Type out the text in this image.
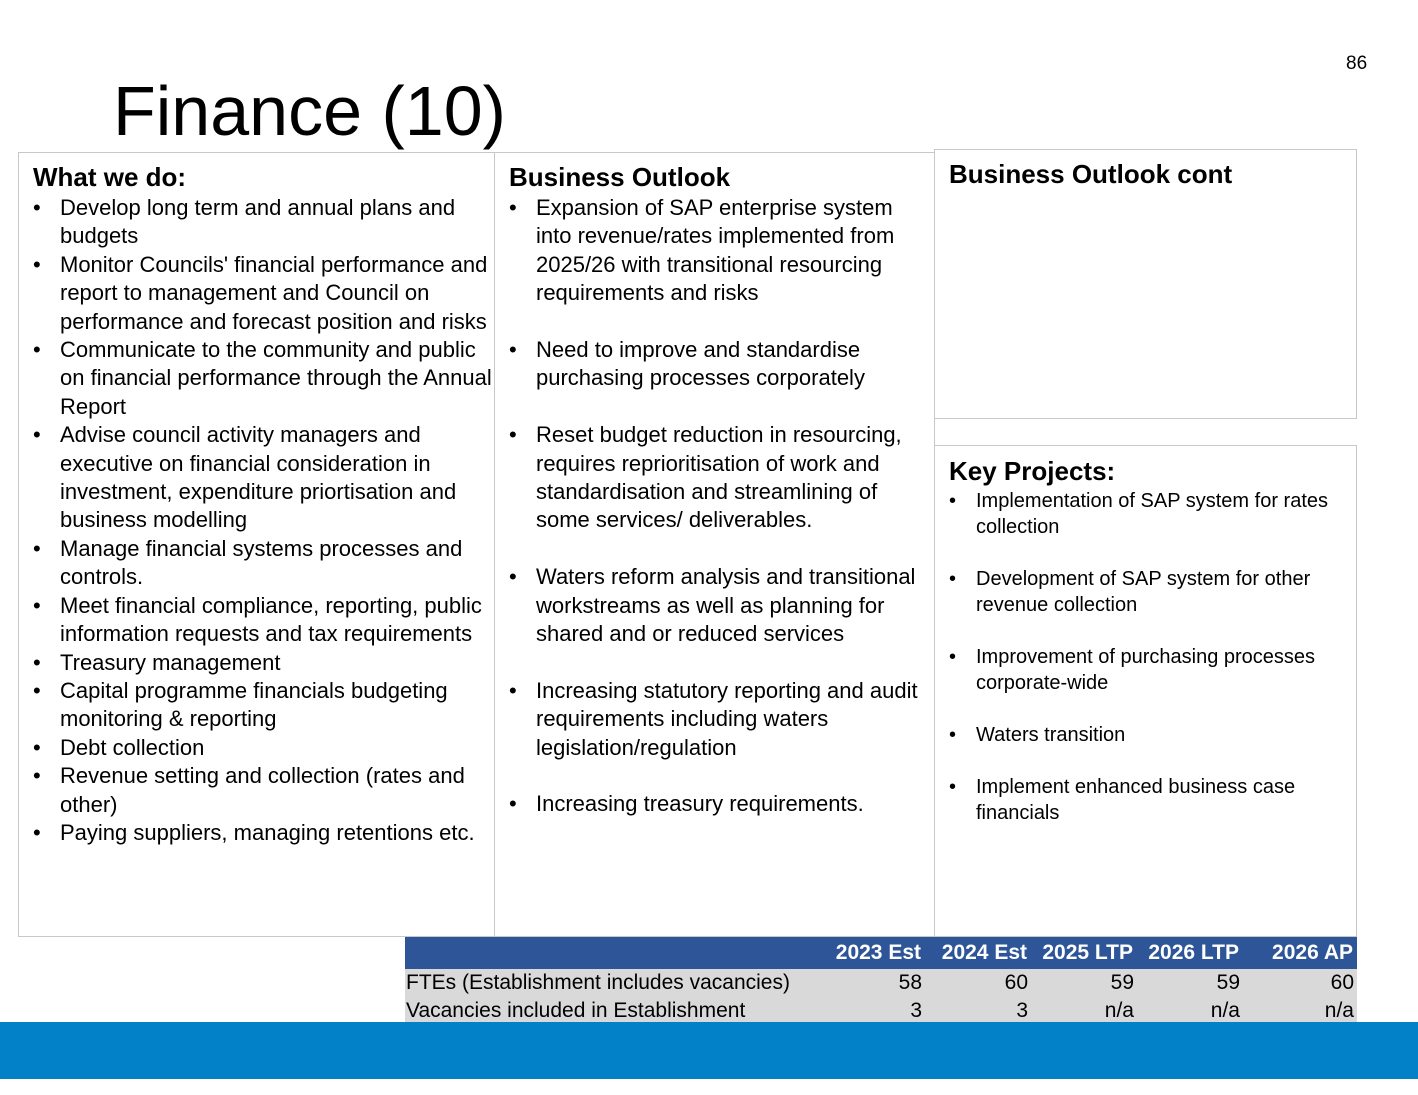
86
Finance (10)
What we do:
• Develop long term and annual plans and budgets
• Monitor Councils' financial performance and report to management and Council on performance and forecast position and risks
• Communicate to the community and public on financial performance through the Annual Report
• Advise council activity managers and executive on financial consideration in investment, expenditure priortisation and business modelling
• Manage financial systems processes and controls.
• Meet financial compliance, reporting, public information requests and tax requirements
• Treasury management
• Capital programme financials budgeting monitoring & reporting
• Debt collection
• Revenue setting and collection (rates and other)
• Paying suppliers, managing retentions etc.
Business Outlook
• Expansion of SAP enterprise system into revenue/rates implemented from 2025/26 with transitional resourcing requirements and risks
• Need to improve and standardise purchasing processes corporately
• Reset budget reduction in resourcing, requires reprioritisation of work and standardisation and streamlining of some services/ deliverables.
• Waters reform analysis and transitional workstreams as well as planning for shared and or reduced services
• Increasing statutory reporting and audit requirements including waters legislation/regulation
• Increasing treasury requirements.
Business Outlook cont
Key Projects:
• Implementation of SAP system for rates collection
• Development of SAP system for other revenue collection
• Improvement of purchasing processes corporate-wide
• Waters transition
• Implement enhanced business case financials
	2023 Est	2024 Est	2025 LTP	2026 LTP	2026 AP
FTEs (Establishment includes vacancies)	58	60	59	59	60
Vacancies included in Establishment	3	3	n/a	n/a	n/a
